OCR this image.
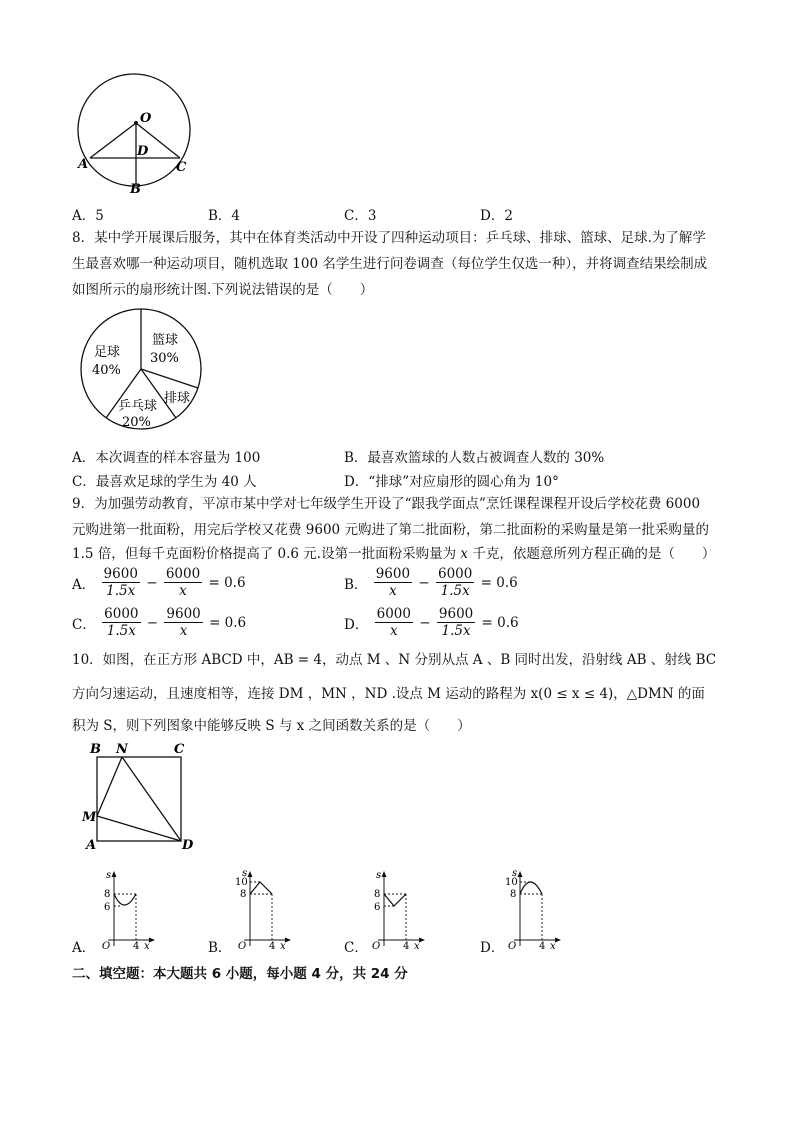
O
A
D
C
B
A．5	B．4	C．3	D．2
8．某中学开展课后服务，其中在体育类活动中开设了四种运动项目：乒乓球、排球、篮球、足球.为了解学
生最喜欢哪一种运动项目，随机选取 100 名学生进行问卷调查（每位学生仅选一种），并将调查结果绘制成
如图所示的扇形统计图.下列说法错误的是（　　）
足球
40%
篮球
30%
排球
乒乓球
20%
A．本次调查的样本容量为 100	B．最喜欢篮球的人数占被调查人数的 30%
C．最喜欢足球的学生为 40 人	D．“排球”对应扇形的圆心角为 10°
9．为加强劳动教育，平凉市某中学对七年级学生开设了“跟我学面点”烹饪课程课程开设后学校花费 6000
元购进第一批面粉，用完后学校又花费 9600 元购进了第二批面粉，第二批面粉的采购量是第一批采购量的
1.5 倍，但每千克面粉价格提高了 0.6 元.设第一批面粉采购量为 x 千克，依题意所列方程正确的是（　　）
A． $\frac{9600}{1.5x} - \frac{6000}{x} = 0.6$	B． $\frac{9600}{x} - \frac{6000}{1.5x} = 0.6$
C． $\frac{6000}{1.5x} - \frac{9600}{x} = 0.6$	D． $\frac{6000}{x} - \frac{9600}{1.5x} = 0.6$
10．如图，在正方形 ABCD 中，AB = 4，动点 M 、N 分别从点 A 、B 同时出发，沿射线 AB 、射线 BC
方向匀速运动，且速度相等，连接 DM ，MN ，ND .设点 M 运动的路程为 x(0 ≤ x ≤ 4)，△DMN 的面
积为 S，则下列图象中能够反映 S 与 x 之间函数关系的是（　　）
B N	C
M
A	D
A．
s
8
6
O 4 x	B．
s
10
8
O 4 x	C．
s
8
6
O 4 x	D．
s
10
8
O 4 x
二、填空题：本大题共 6 小题，每小题 4 分，共 24 分
